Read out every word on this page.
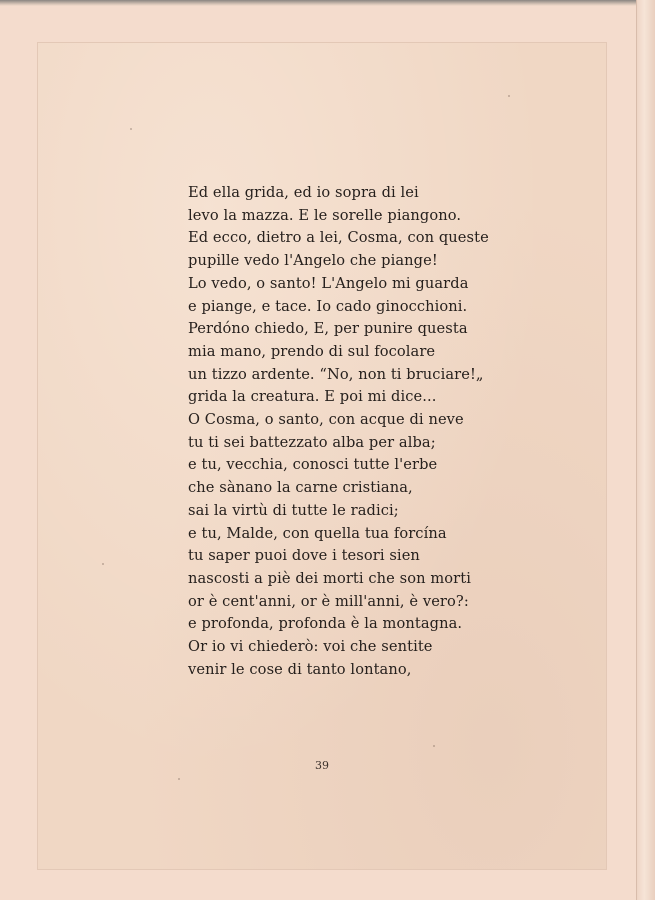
Ed ella grida, ed io sopra di lei
levo la mazza. E le sorelle piangono.
Ed ecco, dietro a lei, Cosma, con queste
pupille vedo l'Angelo che piange!
Lo vedo, o santo! L'Angelo mi guarda
e piange, e tace. Io cado ginocchioni.
Perdóno chiedo, E, per punire questa
mia mano, prendo di sul focolare
un tizzo ardente. “No, non ti bruciare!„
grida la creatura. E poi mi dice...
O Cosma, o santo, con acque di neve
tu ti sei battezzato alba per alba;
e tu, vecchia, conosci tutte l'erbe
che sànano la carne cristiana,
sai la virtù di tutte le radici;
e tu, Malde, con quella tua forcína
tu saper puoi dove i tesori sien
nascosti a piè dei morti che son morti
or è cent'anni, or è mill'anni, è vero?:
e profonda, profonda è la montagna.
Or io vi chiederò: voi che sentite
venir le cose di tanto lontano,
39
